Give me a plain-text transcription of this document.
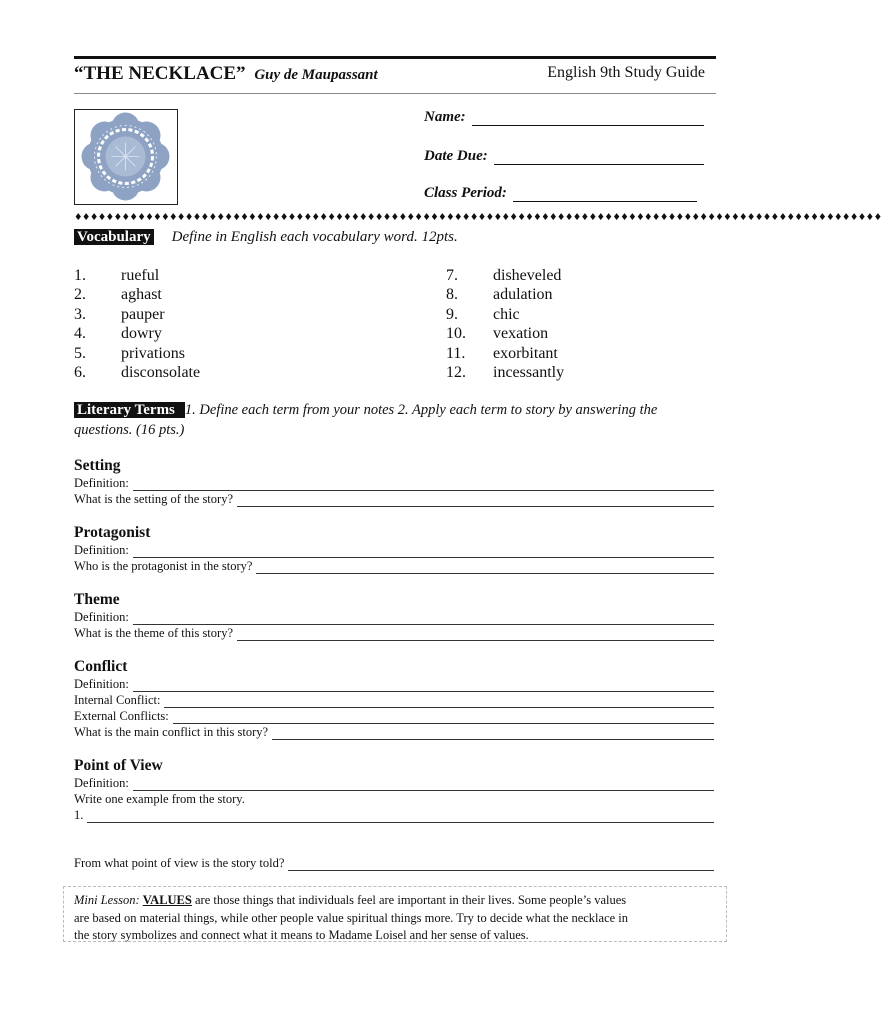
“THE NECKLACE” Guy de Maupassant	English 9th Study Guide
Name:
Date Due:
Class Period:
♦♦♦♦♦♦♦♦♦♦♦♦♦♦♦♦♦♦♦♦♦♦♦♦♦♦♦♦♦♦♦♦♦♦♦♦♦♦♦♦♦♦♦♦♦♦♦♦♦♦♦♦♦♦♦♦♦♦♦♦♦♦♦♦♦♦♦♦♦♦♦♦♦♦♦♦♦♦♦♦♦♦♦♦♦♦♦♦♦♦♦♦♦♦♦♦♦♦♦♦♦♦
Vocabulary Define in English each vocabulary word. 12pts.
1. rueful
2. aghast
3. pauper
4. dowry
5. privations
6. disconsolate
7. disheveled
8. adulation
9. chic
10. vexation
11. exorbitant
12. incessantly
Literary Terms 1. Define each term from your notes 2. Apply each term to story by answering the
questions. (16 pts.)
Setting
Definition:
What is the setting of the story?
Protagonist
Definition:
Who is the protagonist in the story?
Theme
Definition:
What is the theme of this story?
Conflict
Definition:
Internal Conflict:
External Conflicts:
What is the main conflict in this story?
Point of View
Definition:
Write one example from the story.
1.
From what point of view is the story told?
Mini Lesson: VALUES are those things that individuals feel are important in their lives. Some people’s values
are based on material things, while other people value spiritual things more. Try to decide what the necklace in
the story symbolizes and connect what it means to Madame Loisel and her sense of values.
